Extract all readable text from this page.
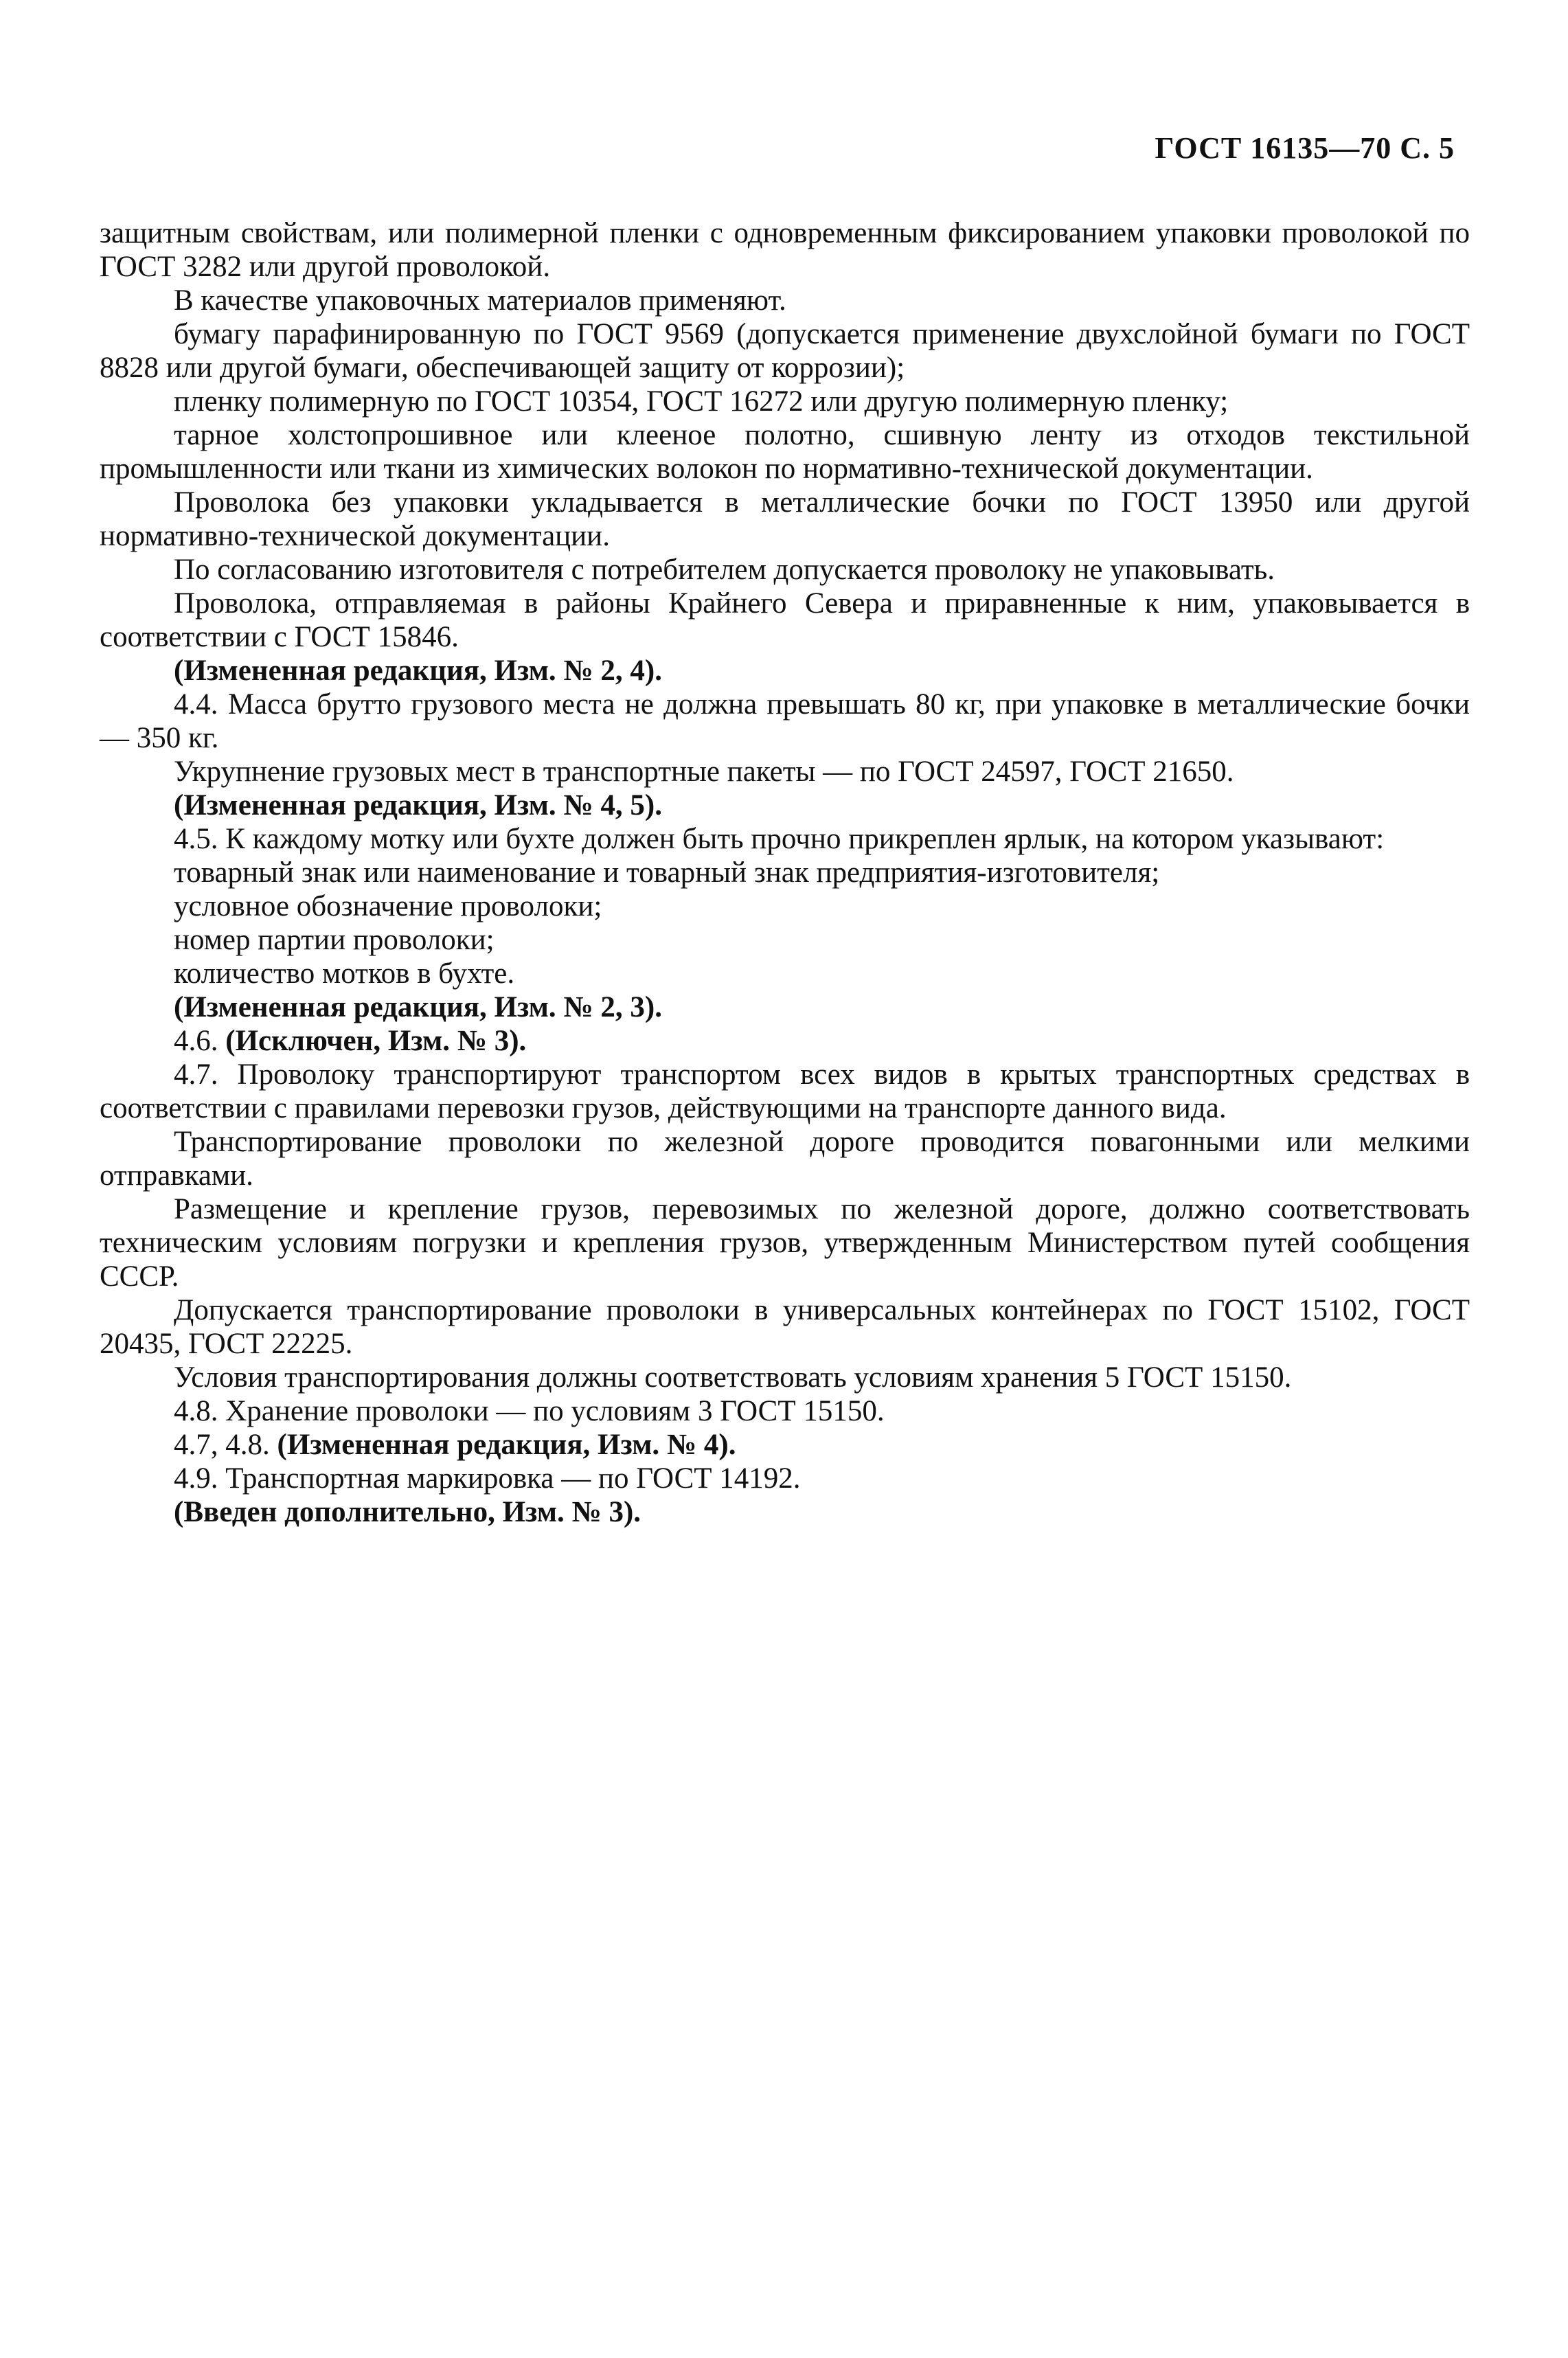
ГОСТ 16135—70 С. 5

защитным свойствам, или полимерной пленки с одновременным фиксированием упаковки проволокой по ГОСТ 3282 или другой проволокой.

В качестве упаковочных материалов применяют.

бумагу парафинированную по ГОСТ 9569 (допускается применение двухслойной бумаги по ГОСТ 8828 или другой бумаги, обеспечивающей защиту от коррозии);

пленку полимерную по ГОСТ 10354, ГОСТ 16272 или другую полимерную пленку;

тарное холстопрошивное или клееное полотно, сшивную ленту из отходов текстильной промышленности или ткани из химических волокон по нормативно-технической документации.

Проволока без упаковки укладывается в металлические бочки по ГОСТ 13950 или другой нормативно-технической документации.

По согласованию изготовителя с потребителем допускается проволоку не упаковывать.

Проволока, отправляемая в районы Крайнего Севера и приравненные к ним, упаковывается в соответствии с ГОСТ 15846.

(Измененная редакция, Изм. № 2, 4).

4.4. Масса брутто грузового места не должна превышать 80 кг, при упаковке в металлические бочки — 350 кг.

Укрупнение грузовых мест в транспортные пакеты — по ГОСТ 24597, ГОСТ 21650.

(Измененная редакция, Изм. № 4, 5).

4.5. К каждому мотку или бухте должен быть прочно прикреплен ярлык, на котором указывают:

товарный знак или наименование и товарный знак предприятия-изготовителя;

условное обозначение проволоки;

номер партии проволоки;

количество мотков в бухте.

(Измененная редакция, Изм. № 2, 3).

4.6. (Исключен, Изм. № 3).

4.7. Проволоку транспортируют транспортом всех видов в крытых транспортных средствах в соответствии с правилами перевозки грузов, действующими на транспорте данного вида.

Транспортирование проволоки по железной дороге проводится повагонными или мелкими отправками.

Размещение и крепление грузов, перевозимых по железной дороге, должно соответствовать техническим условиям погрузки и крепления грузов, утвержденным Министерством путей сообщения СССР.

Допускается транспортирование проволоки в универсальных контейнерах по ГОСТ 15102, ГОСТ 20435, ГОСТ 22225.

Условия транспортирования должны соответствовать условиям хранения 5 ГОСТ 15150.

4.8. Хранение проволоки — по условиям 3 ГОСТ 15150.

4.7, 4.8. (Измененная редакция, Изм. № 4).

4.9. Транспортная маркировка — по ГОСТ 14192.

(Введен дополнительно, Изм. № 3).
